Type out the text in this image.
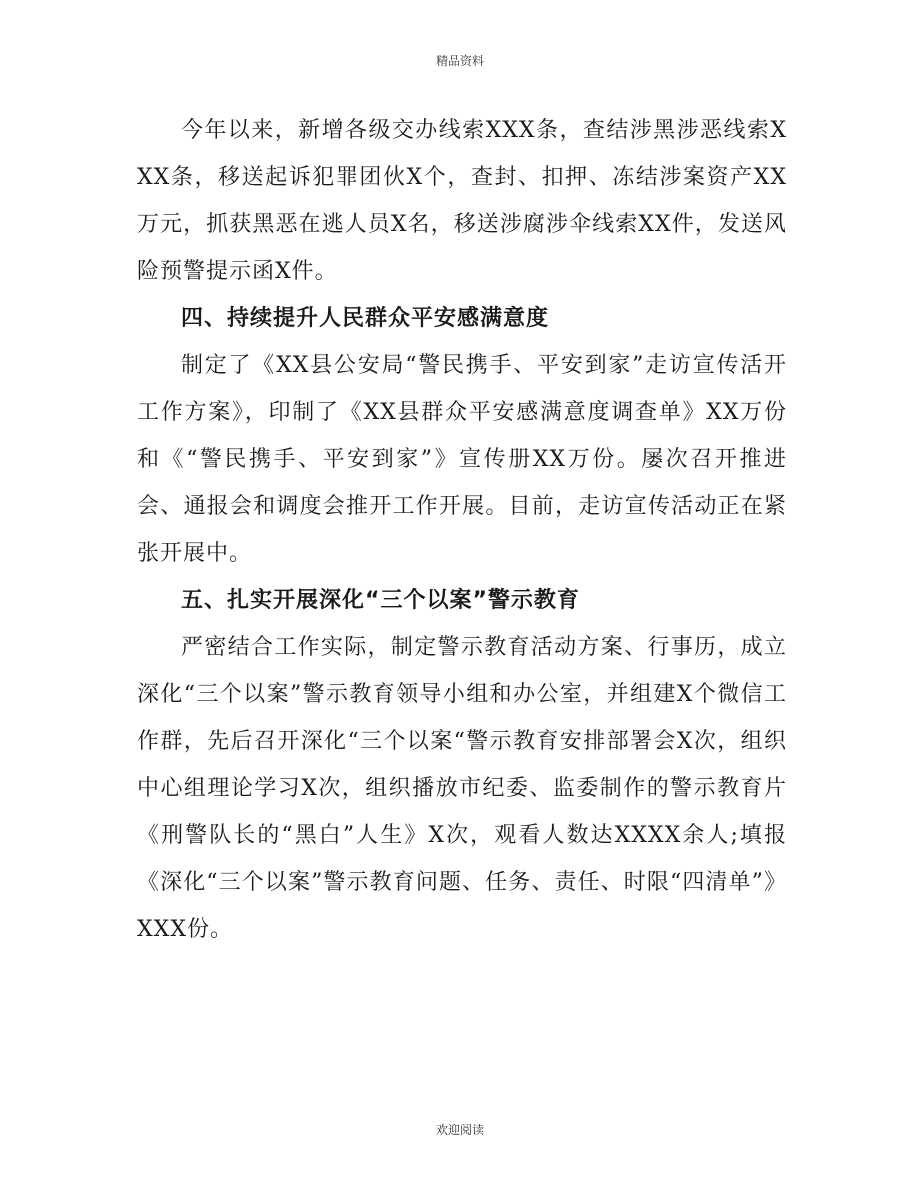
精品资料

今年以来，新增各级交办线索XXX条，查结涉黑涉恶线索XXX条，移送起诉犯罪团伙X个，查封、扣押、冻结涉案资产XX万元，抓获黑恶在逃人员X名，移送涉腐涉伞线索XX件，发送风险预警提示函X件。

四、持续提升人民群众平安感满意度

制定了《XX县公安局“警民携手、平安到家”走访宣传活开工作方案》，印制了《XX县群众平安感满意度调查单》XX万份和《“警民携手、平安到家”》宣传册XX万份。屡次召开推进会、通报会和调度会推开工作开展。目前，走访宣传活动正在紧张开展中。

五、扎实开展深化“三个以案”警示教育

严密结合工作实际，制定警示教育活动方案、行事历，成立深化“三个以案”警示教育领导小组和办公室，并组建X个微信工作群，先后召开深化“三个以案“警示教育安排部署会X次，组织中心组理论学习X次，组织播放市纪委、监委制作的警示教育片《刑警队长的“黑白”人生》X次，观看人数达XXXX余人;填报《深化“三个以案”警示教育问题、任务、责任、时限“四清单”》XXX份。

欢迎阅读
